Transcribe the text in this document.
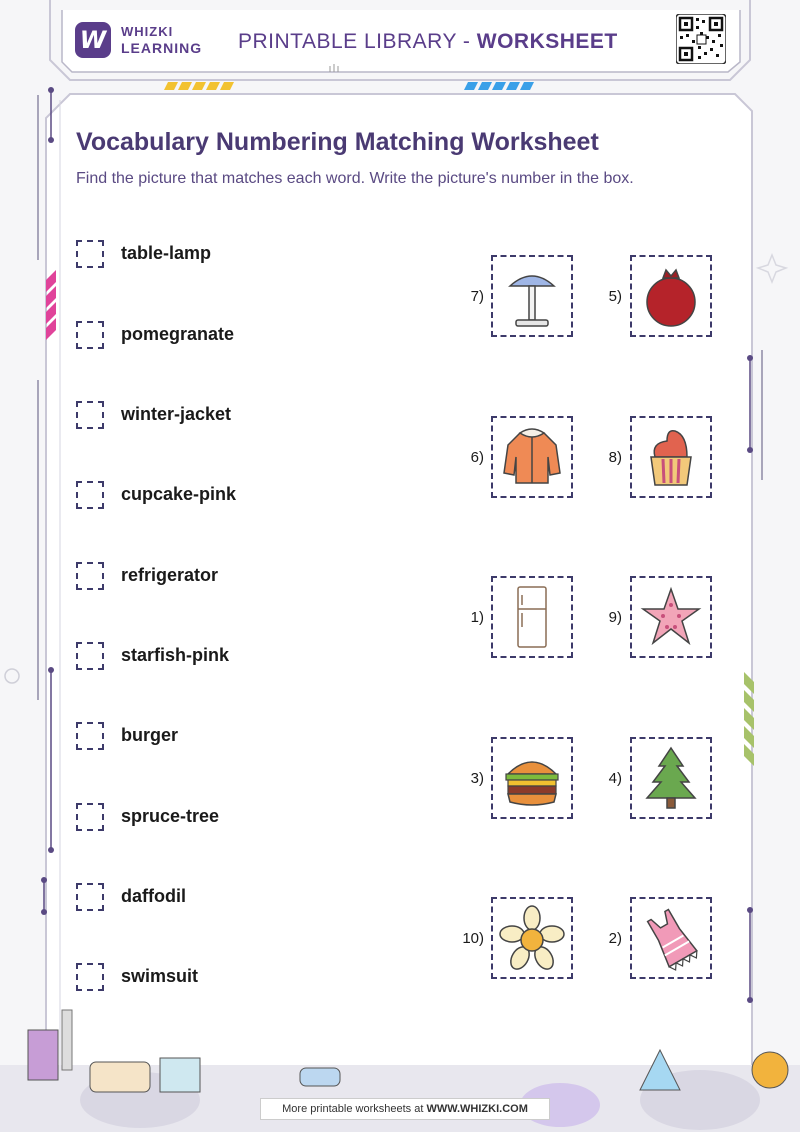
W	WHIZKI
LEARNING PRINTABLE LIBRARY - WORKSHEET
Vocabulary Numbering Matching Worksheet
Find the picture that matches each word. Write the picture's number in the box.
table-lamp
pomegranate
winter-jacket
cupcake-pink
refrigerator
starfish-pink
burger
spruce-tree
daffodil
swimsuit
7)	5)
6)	8)
1)	9)
3)	4)
10)	2)
More printable worksheets at WWW.WHIZKI.COM
